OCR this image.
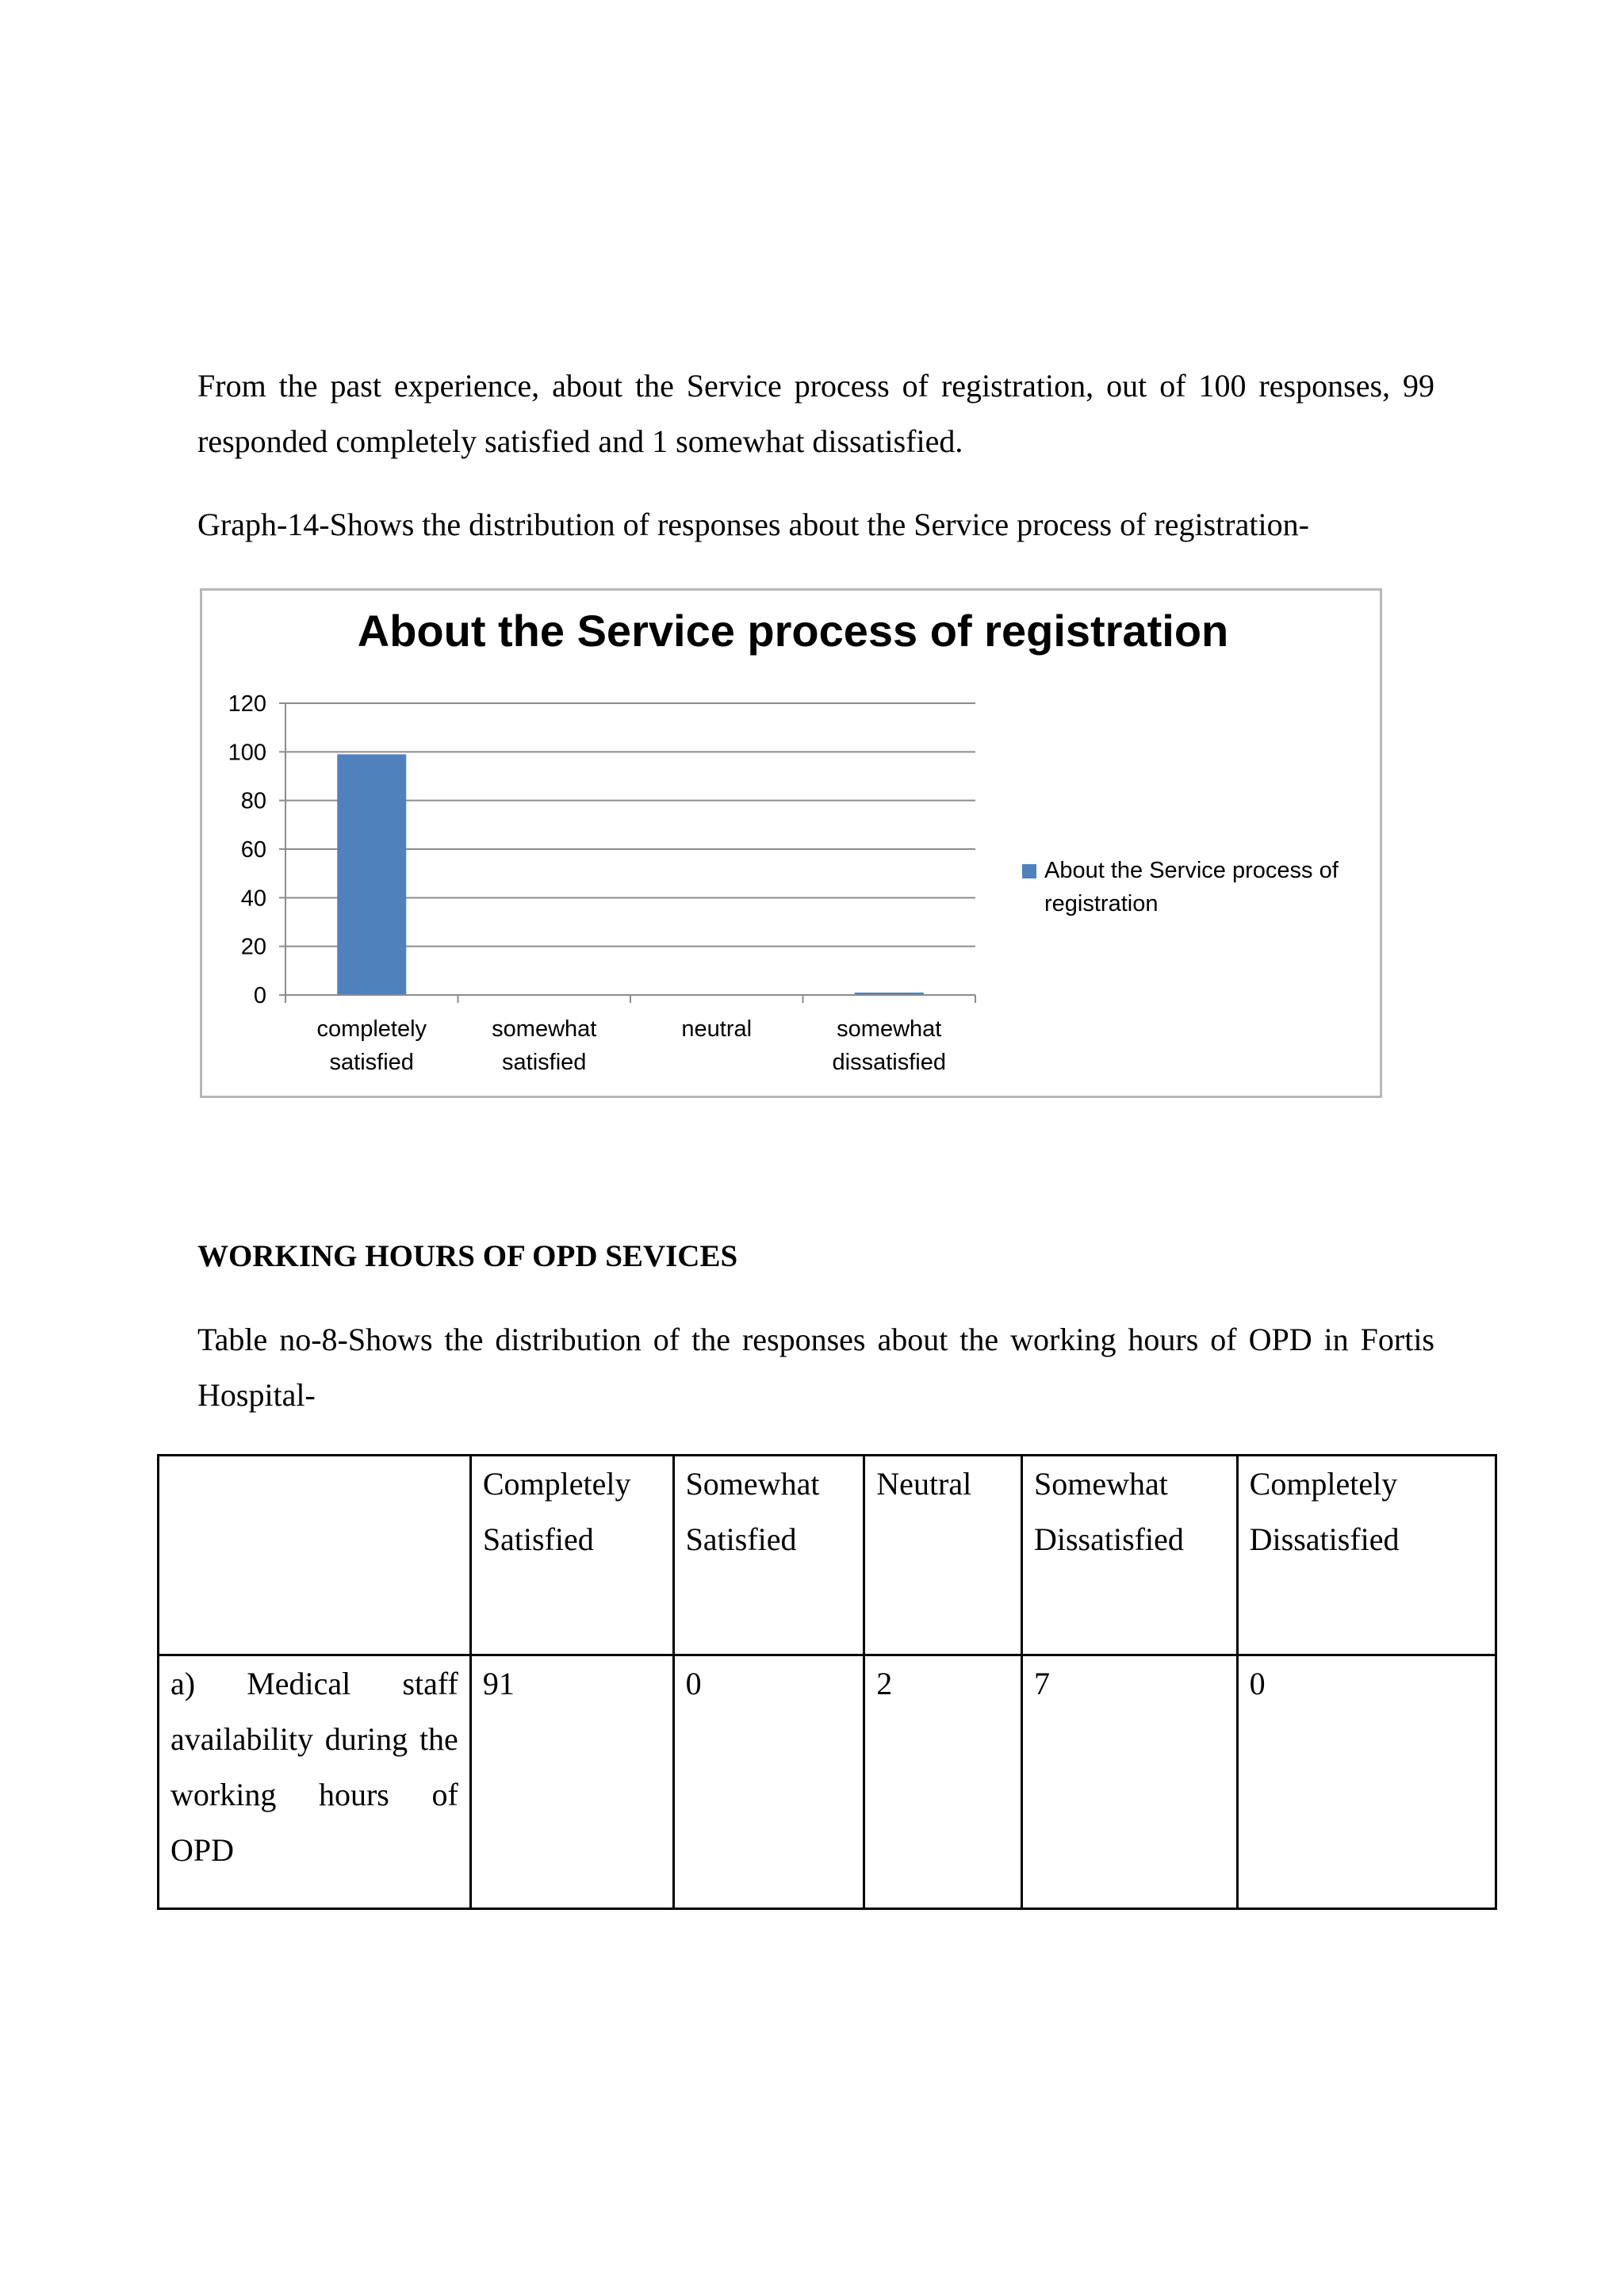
From the past experience, about the Service process of registration, out of 100 responses, 99 responded completely satisfied and 1 somewhat dissatisfied.

Graph-14-Shows the distribution of responses about the Service process of registration-

About the Service process of registration
0
20
40
60
80
100
120
completely
satisfied
somewhat
satisfied
neutral	somewhat
dissatisfied
About the Service process of
registration

WORKING HOURS OF OPD SEVICES

Table no-8-Shows the distribution of the responses about the working hours of OPD in Fortis Hospital-

	Completely Satisfied	Somewhat Satisfied	Neutral	Somewhat Dissatisfied	Completely Dissatisfied
a) Medical staff availability during the working hours of OPD	91	0	2	7	0
